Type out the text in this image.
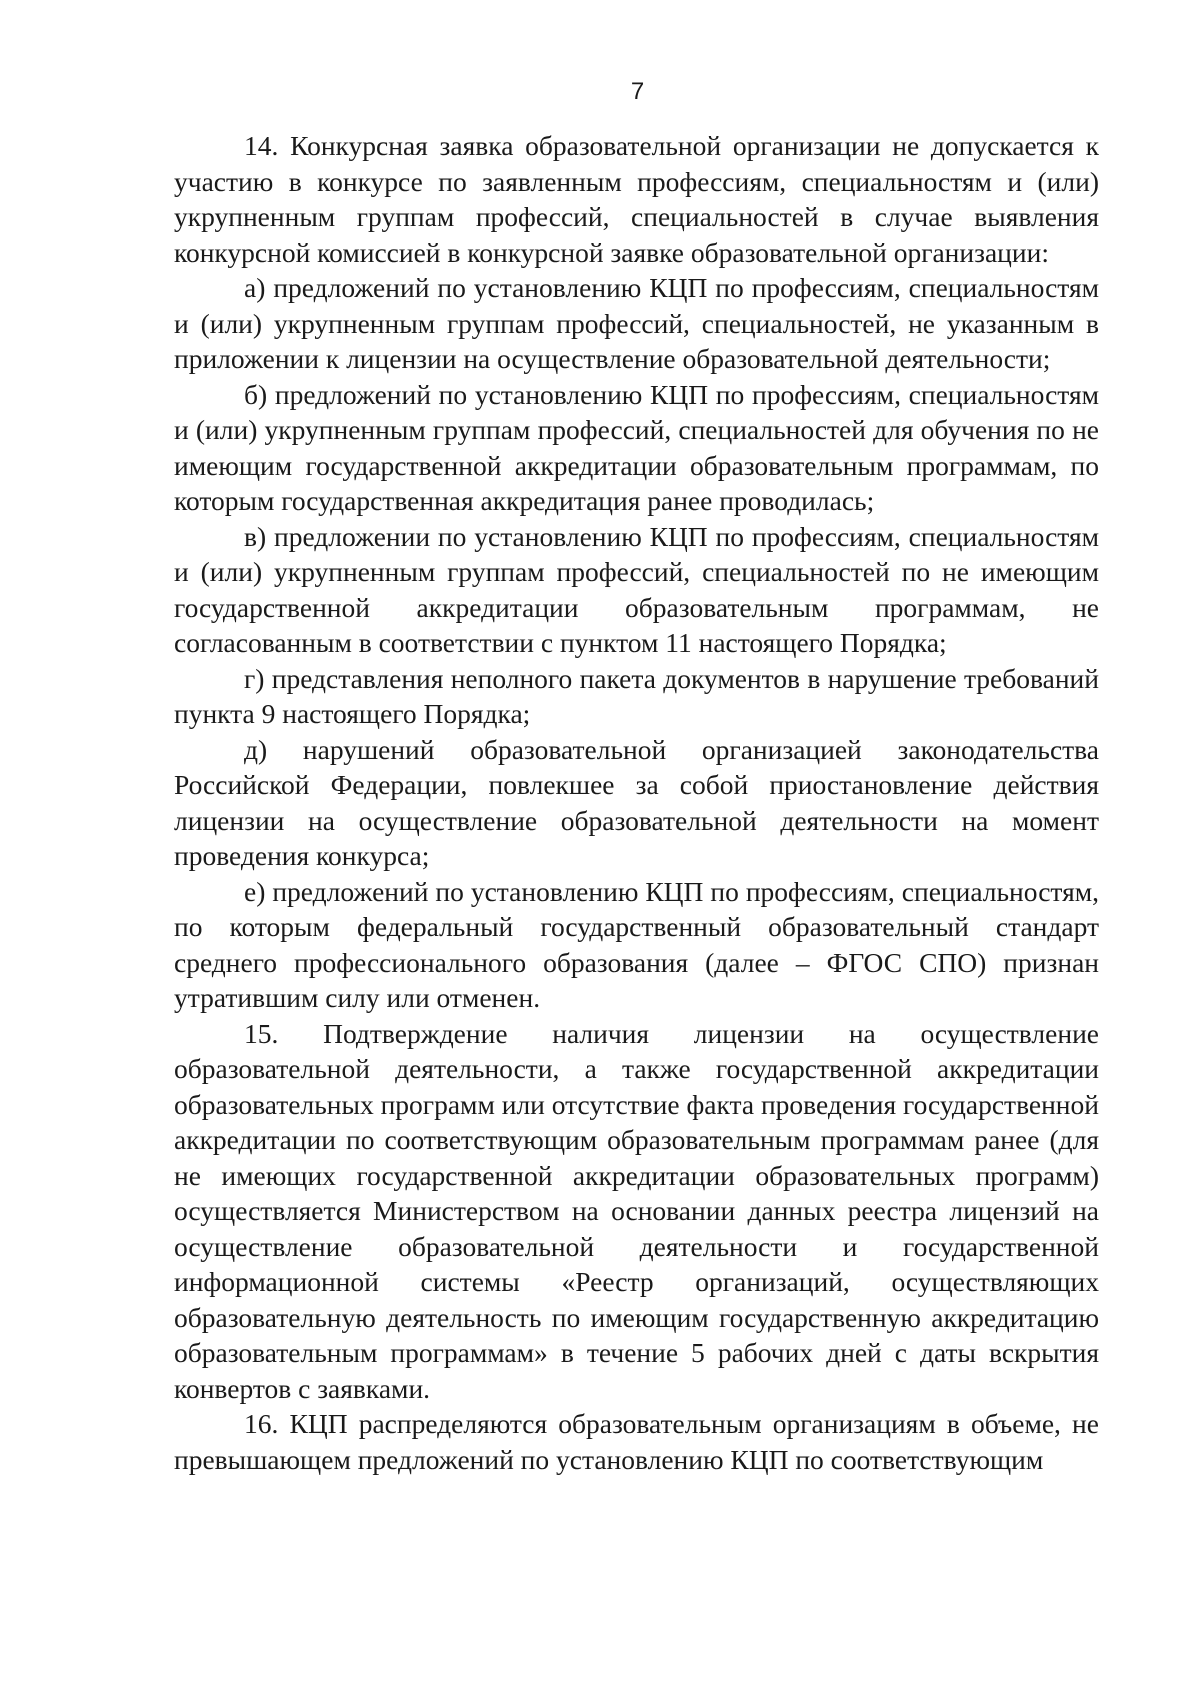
7

14. Конкурсная заявка образовательной организации не допускается к участию в конкурсе по заявленным профессиям, специальностям и (или) укрупненным группам профессий, специальностей в случае выявления конкурсной комиссией в конкурсной заявке образовательной организации:

а) предложений по установлению КЦП по профессиям, специальностям и (или) укрупненным группам профессий, специальностей, не указанным в приложении к лицензии на осуществление образовательной деятельности;

б) предложений по установлению КЦП по профессиям, специальностям и (или) укрупненным группам профессий, специальностей для обучения по не имеющим государственной аккредитации образовательным программам, по которым государственная аккредитация ранее проводилась;

в) предложении по установлению КЦП по профессиям, специальностям и (или) укрупненным группам профессий, специальностей по не имеющим государственной аккредитации образовательным программам, не согласованным в соответствии с пунктом 11 настоящего Порядка;

г) представления неполного пакета документов в нарушение требований пункта 9 настоящего Порядка;

д) нарушений образовательной организацией законодательства Российской Федерации, повлекшее за собой приостановление действия лицензии на осуществление образовательной деятельности на момент проведения конкурса;

е) предложений по установлению КЦП по профессиям, специальностям, по которым федеральный государственный образовательный стандарт среднего профессионального образования (далее – ФГОС СПО) признан утратившим силу или отменен.

15. Подтверждение наличия лицензии на осуществление образовательной деятельности, а также государственной аккредитации образовательных программ или отсутствие факта проведения государственной аккредитации по соответствующим образовательным программам ранее (для не имеющих государственной аккредитации образовательных программ) осуществляется Министерством на основании данных реестра лицензий на осуществление образовательной деятельности и государственной информационной системы «Реестр организаций, осуществляющих образовательную деятельность по имеющим государственную аккредитацию образовательным программам» в течение 5 рабочих дней с даты вскрытия конвертов с заявками.

16. КЦП распределяются образовательным организациям в объеме, не превышающем предложений по установлению КЦП по соответствующим
